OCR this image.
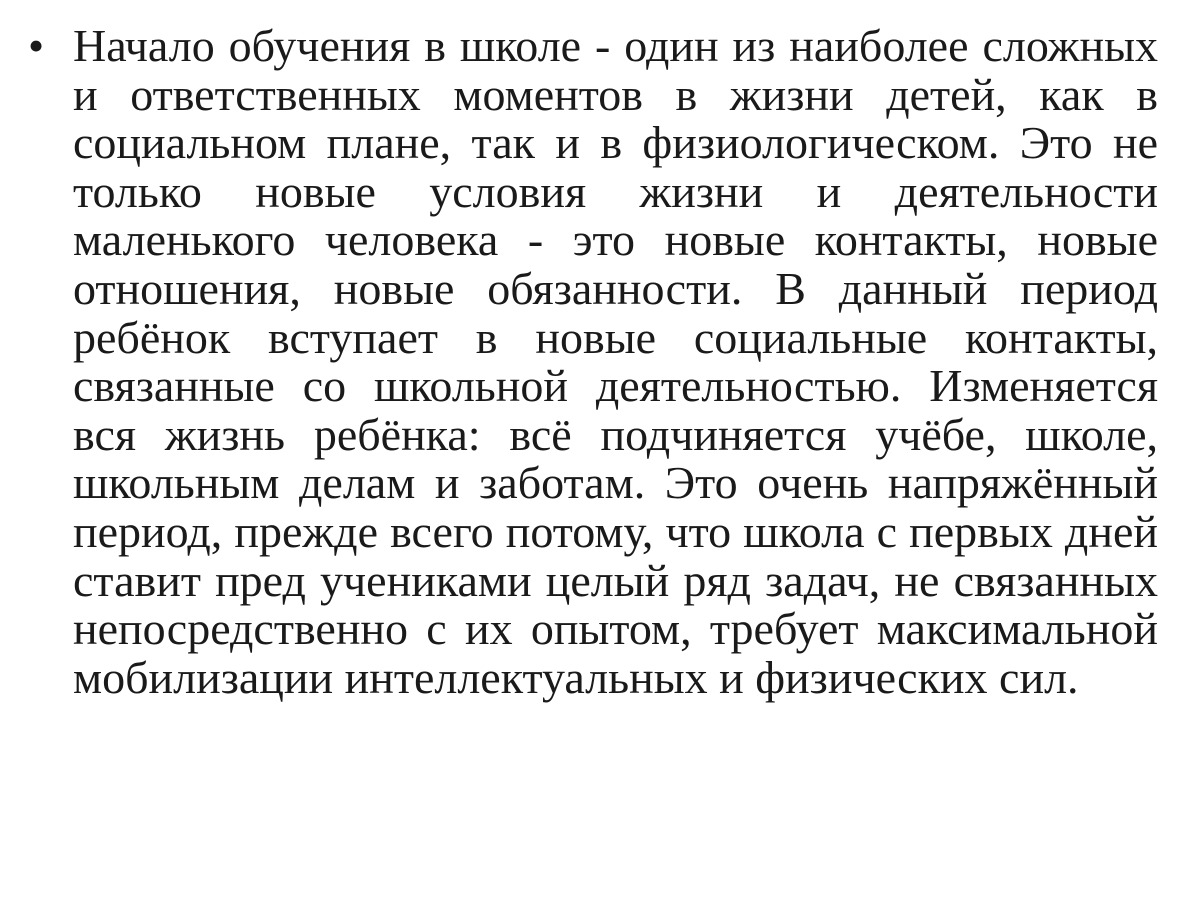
• Начало обучения в школе - один из наиболее сложных и ответственных моментов в жизни детей, как в социальном плане, так и в физиологическом. Это не только новые условия жизни и деятельности маленького человека - это новые контакты, новые отношения, новые обязанности. В данный период ребёнок вступает в новые социальные контакты, связанные со школьной деятельностью. Изменяется вся жизнь ребёнка: всё подчиняется учёбе, школе, школьным делам и заботам. Это очень напряжённый период, прежде всего потому, что школа с первых дней ставит пред учениками целый ряд задач, не связанных непосредственно с их опытом, требует максимальной мобилизации интеллектуальных и физических сил.
